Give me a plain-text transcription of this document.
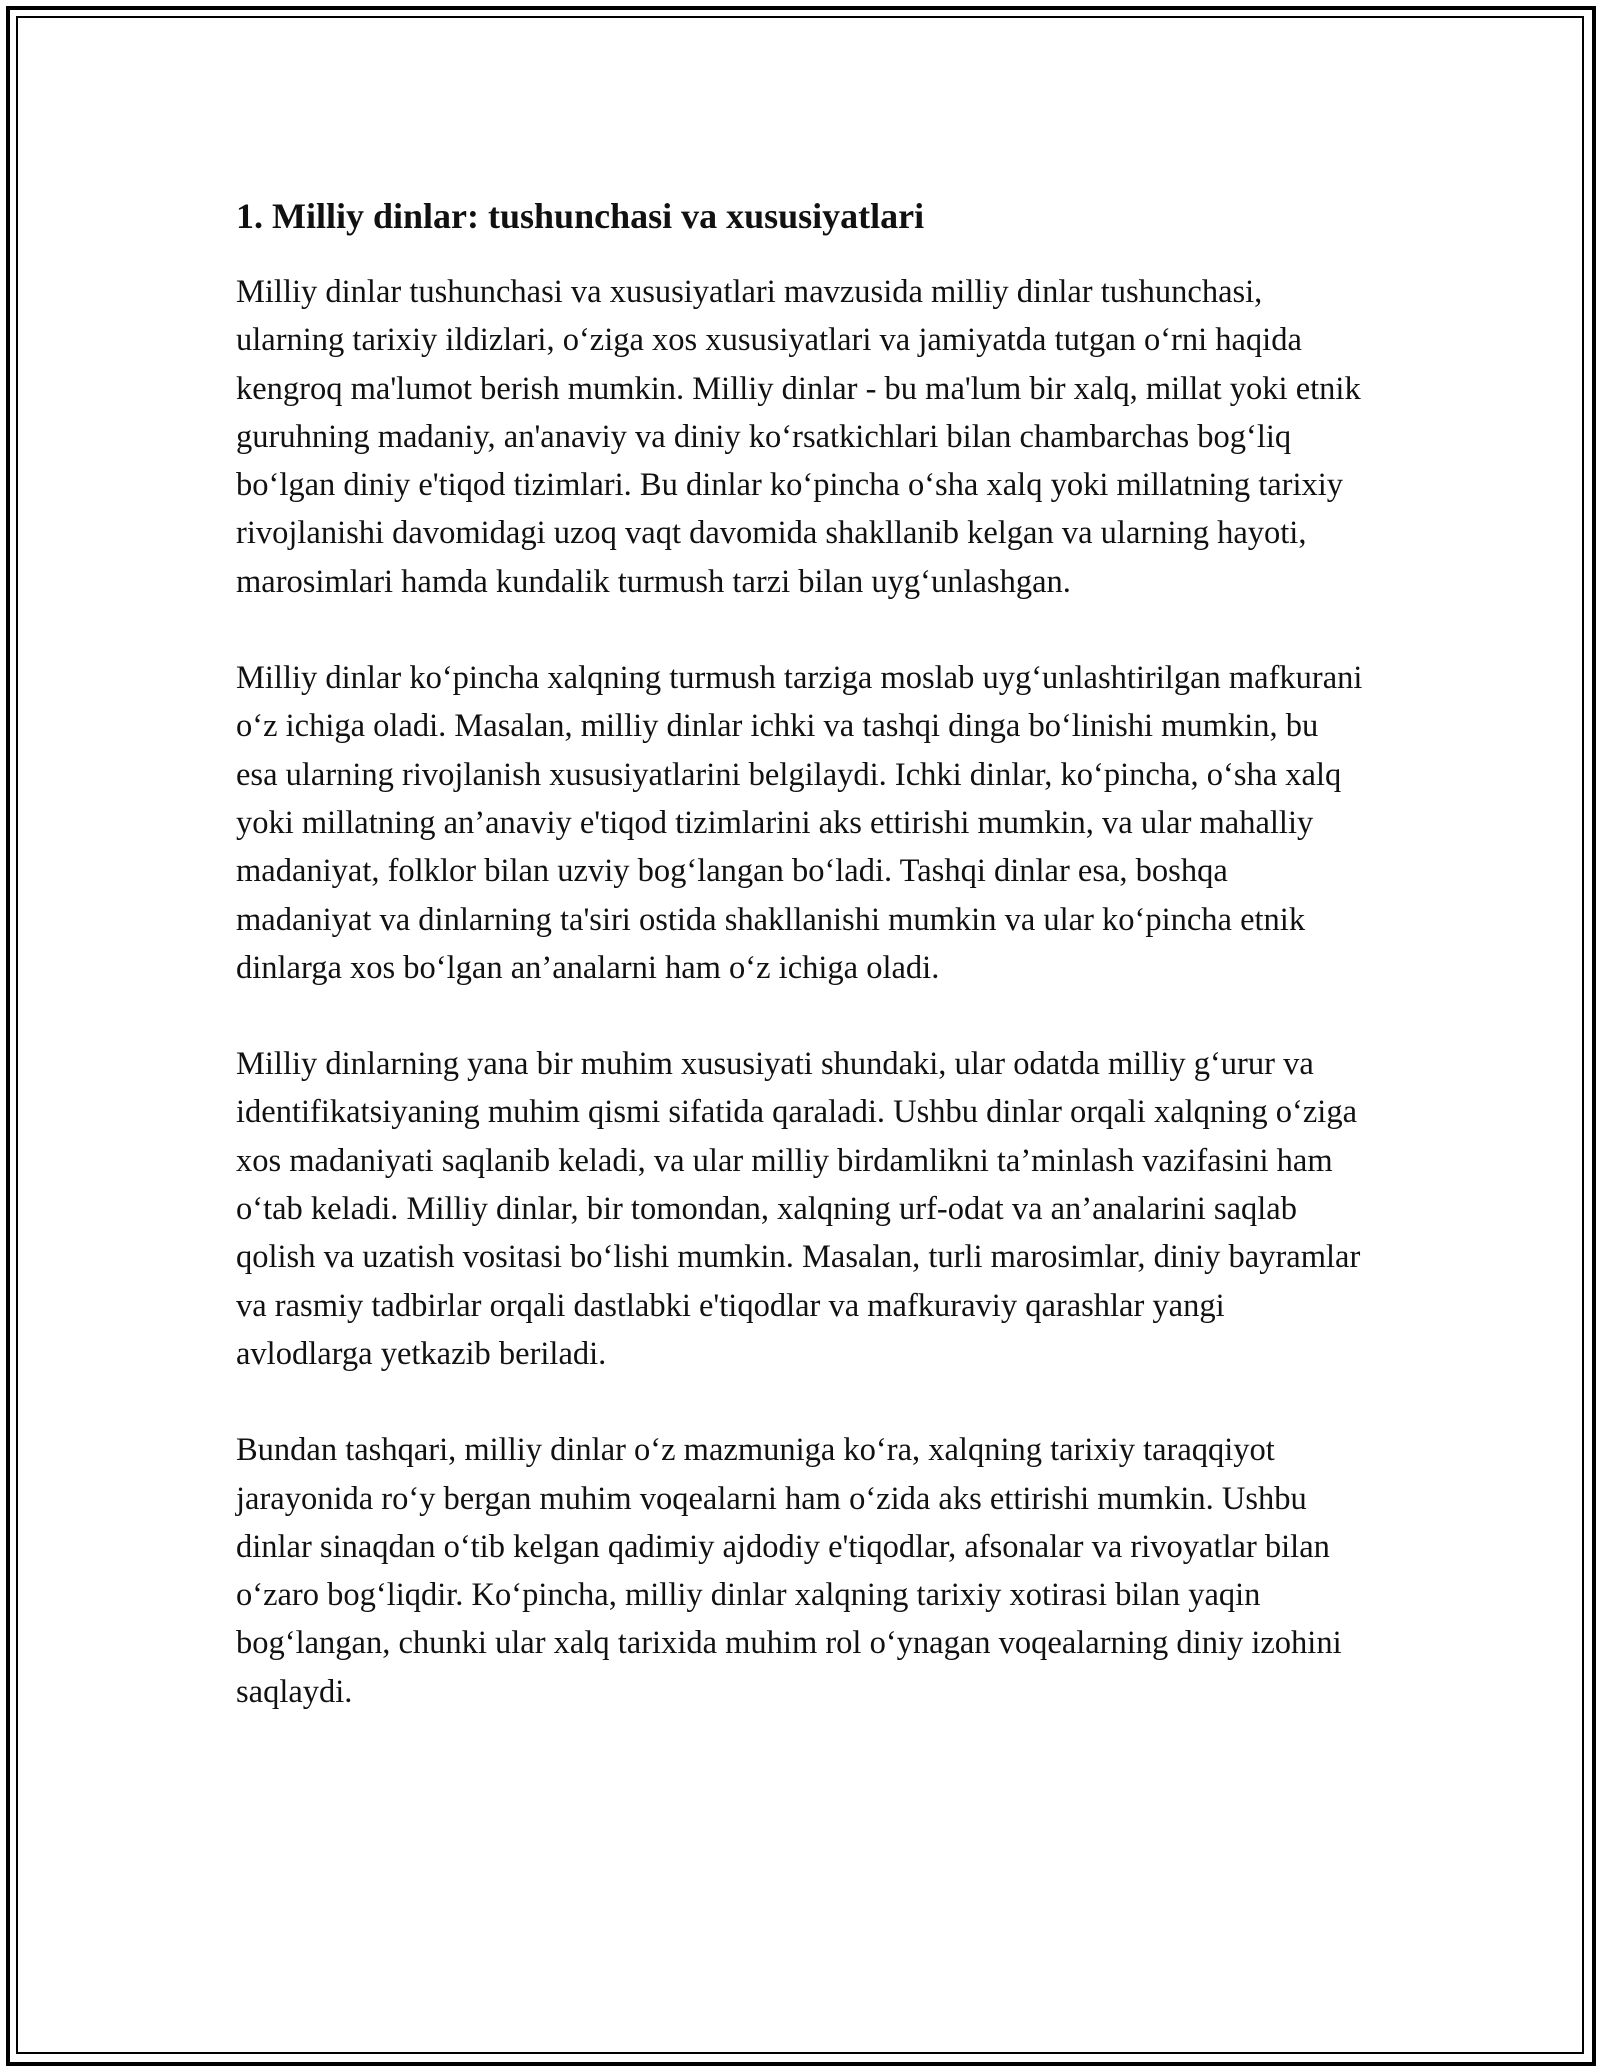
1. Milliy dinlar: tushunchasi va xususiyatlari

Milliy dinlar tushunchasi va xususiyatlari mavzusida milliy dinlar tushunchasi, ularning tarixiy ildizlari, o‘ziga xos xususiyatlari va jamiyatda tutgan o‘rni haqida kengroq ma'lumot berish mumkin. Milliy dinlar - bu ma'lum bir xalq, millat yoki etnik guruhning madaniy, an'anaviy va diniy ko‘rsatkichlari bilan chambarchas bog‘liq bo‘lgan diniy e'tiqod tizimlari. Bu dinlar ko‘pincha o‘sha xalq yoki millatning tarixiy rivojlanishi davomidagi uzoq vaqt davomida shakllanib kelgan va ularning hayoti, marosimlari hamda kundalik turmush tarzi bilan uyg‘unlashgan.

Milliy dinlar ko‘pincha xalqning turmush tarziga moslab uyg‘unlashtirilgan mafkurani o‘z ichiga oladi. Masalan, milliy dinlar ichki va tashqi dinga bo‘linishi mumkin, bu esa ularning rivojlanish xususiyatlarini belgilaydi. Ichki dinlar, ko‘pincha, o‘sha xalq yoki millatning an’anaviy e'tiqod tizimlarini aks ettirishi mumkin, va ular mahalliy madaniyat, folklor bilan uzviy bog‘langan bo‘ladi. Tashqi dinlar esa, boshqa madaniyat va dinlarning ta'siri ostida shakllanishi mumkin va ular ko‘pincha etnik dinlarga xos bo‘lgan an’analarni ham o‘z ichiga oladi.

Milliy dinlarning yana bir muhim xususiyati shundaki, ular odatda milliy g‘urur va identifikatsiyaning muhim qismi sifatida qaraladi. Ushbu dinlar orqali xalqning o‘ziga xos madaniyati saqlanib keladi, va ular milliy birdamlikni ta’minlash vazifasini ham o‘tab keladi. Milliy dinlar, bir tomondan, xalqning urf-odat va an’analarini saqlab qolish va uzatish vositasi bo‘lishi mumkin. Masalan, turli marosimlar, diniy bayramlar va rasmiy tadbirlar orqali dastlabki e'tiqodlar va mafkuraviy qarashlar yangi avlodlarga yetkazib beriladi.

Bundan tashqari, milliy dinlar o‘z mazmuniga ko‘ra, xalqning tarixiy taraqqiyot jarayonida ro‘y bergan muhim voqealarni ham o‘zida aks ettirishi mumkin. Ushbu dinlar sinaqdan o‘tib kelgan qadimiy ajdodiy e'tiqodlar, afsonalar va rivoyatlar bilan o‘zaro bog‘liqdir. Ko‘pincha, milliy dinlar xalqning tarixiy xotirasi bilan yaqin bog‘langan, chunki ular xalq tarixida muhim rol o‘ynagan voqealarning diniy izohini saqlaydi.
